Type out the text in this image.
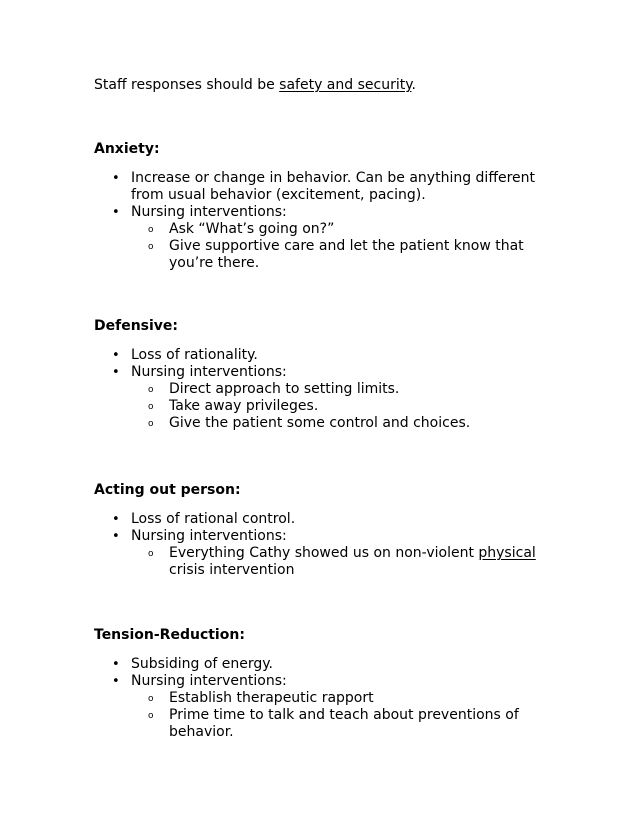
Staff responses should be safety and security.

Anxiety:

• Increase or change in behavior. Can be anything different from usual behavior (excitement, pacing).
• Nursing interventions:
o Ask “What’s going on?”
o Give supportive care and let the patient know that you’re there.

Defensive:

• Loss of rationality.
• Nursing interventions:
o Direct approach to setting limits.
o Take away privileges.
o Give the patient some control and choices.

Acting out person:

• Loss of rational control.
• Nursing interventions:
o Everything Cathy showed us on non-violent physical crisis intervention

Tension-Reduction:

• Subsiding of energy.
• Nursing interventions:
o Establish therapeutic rapport
o Prime time to talk and teach about preventions of behavior.
